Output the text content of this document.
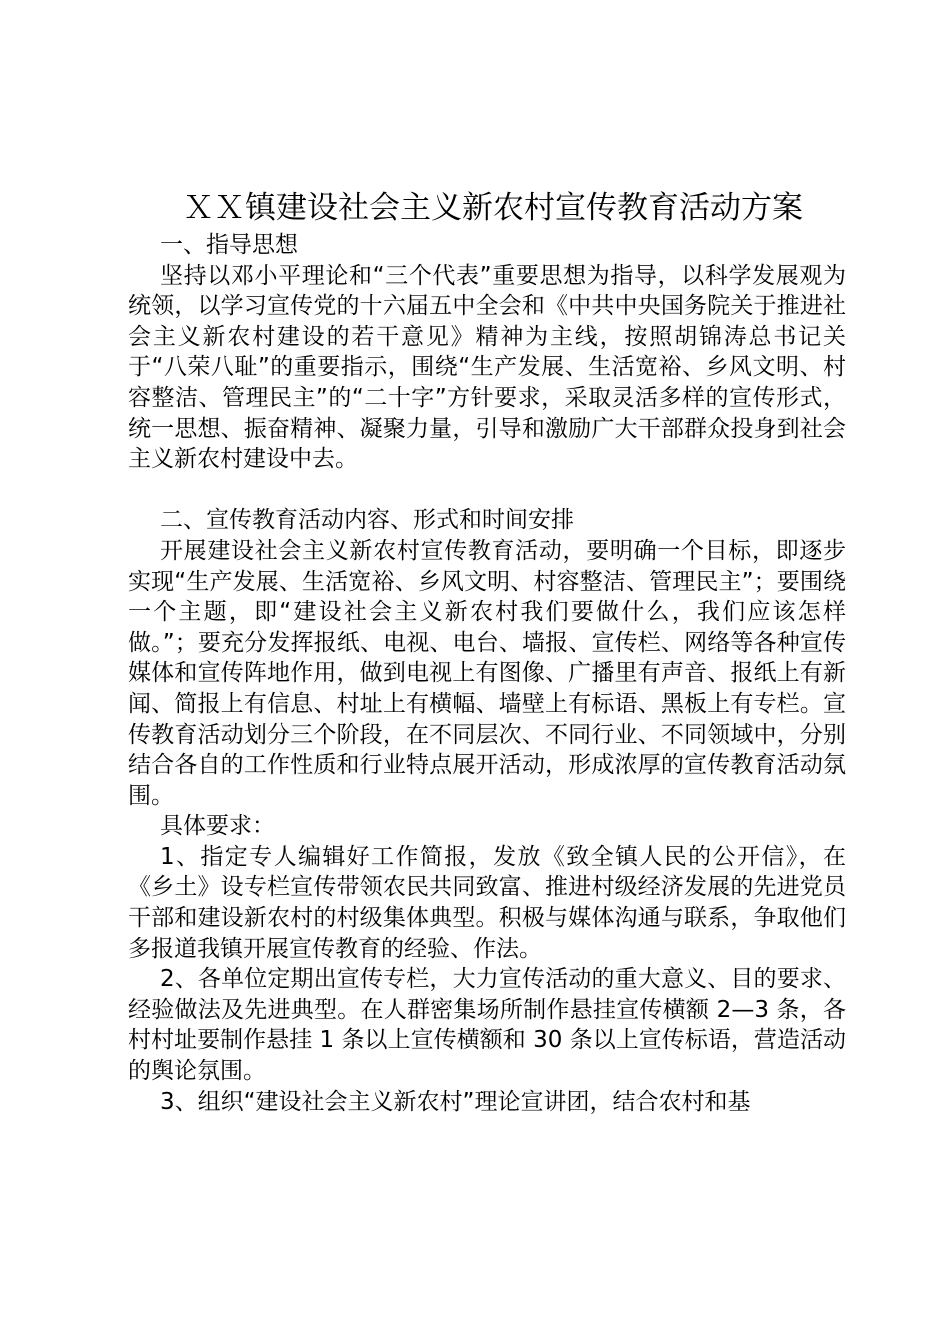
ＸＸ镇建设社会主义新农村宣传教育活动方案

一、指导思想

坚持以邓小平理论和“三个代表”重要思想为指导，以科学发展观为统领，以学习宣传党的十六届五中全会和《中共中央国务院关于推进社会主义新农村建设的若干意见》精神为主线，按照胡锦涛总书记关于“八荣八耻”的重要指示，围绕“生产发展、生活宽裕、乡风文明、村容整洁、管理民主”的“二十字”方针要求，采取灵活多样的宣传形式，统一思想、振奋精神、凝聚力量，引导和激励广大干部群众投身到社会主义新农村建设中去。

二、宣传教育活动内容、形式和时间安排

开展建设社会主义新农村宣传教育活动，要明确一个目标，即逐步实现“生产发展、生活宽裕、乡风文明、村容整洁、管理民主”；要围绕一个主题，即“建设社会主义新农村我们要做什么，我们应该怎样做。”；要充分发挥报纸、电视、电台、墙报、宣传栏、网络等各种宣传媒体和宣传阵地作用，做到电视上有图像、广播里有声音、报纸上有新闻、简报上有信息、村址上有横幅、墙壁上有标语、黑板上有专栏。宣传教育活动划分三个阶段，在不同层次、不同行业、不同领域中，分别结合各自的工作性质和行业特点展开活动，形成浓厚的宣传教育活动氛围。

具体要求：

1、指定专人编辑好工作简报，发放《致全镇人民的公开信》，在《乡土》设专栏宣传带领农民共同致富、推进村级经济发展的先进党员干部和建设新农村的村级集体典型。积极与媒体沟通与联系，争取他们多报道我镇开展宣传教育的经验、作法。

2、各单位定期出宣传专栏，大力宣传活动的重大意义、目的要求、经验做法及先进典型。在人群密集场所制作悬挂宣传横额 2—3 条，各村村址要制作悬挂 1 条以上宣传横额和 30 条以上宣传标语，营造活动的舆论氛围。

3、组织“建设社会主义新农村”理论宣讲团，结合农村和基
